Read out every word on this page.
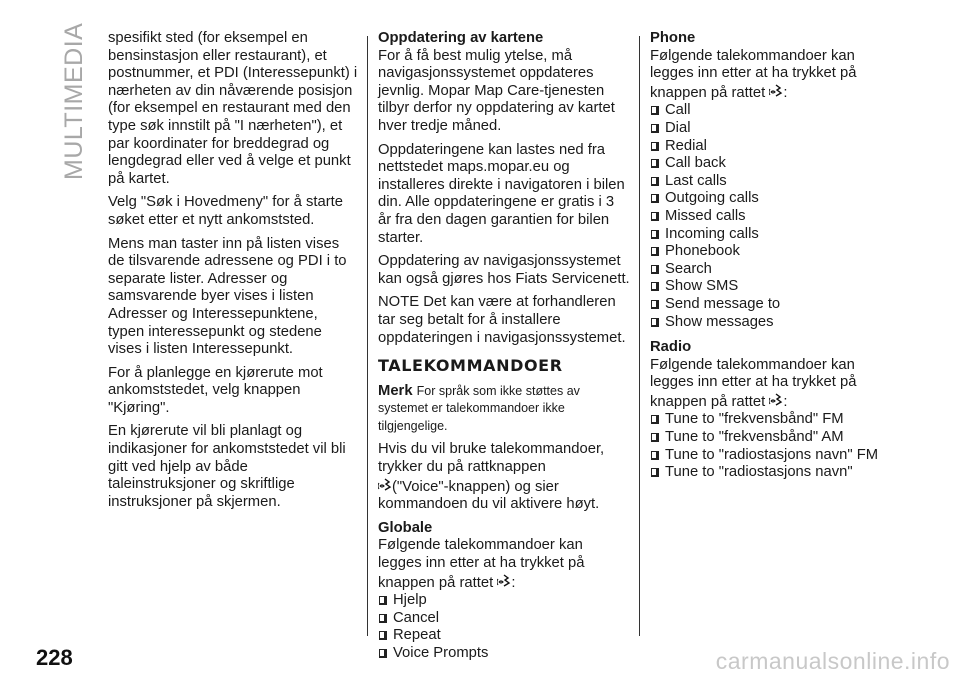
MULTIMEDIA spesifikt sted (for eksempel en bensinstasjon eller restaurant), et postnummer, et PDI (Interessepunkt) i nærheten av din nåværende posisjon (for eksempel en restaurant med den type søk innstilt på "I nærheten"), et par koordinater for breddegrad og lengdegrad eller ved å velge et punkt på kartet.

Velg "Søk i Hovedmeny" for å starte søket etter et nytt ankomststed.

Mens man taster inn på listen vises de tilsvarende adressene og PDI i to separate lister. Adresser og samsvarende byer vises i listen Adresser og Interessepunktene, typen interessepunkt og stedene vises i listen Interessepunkt.

For å planlegge en kjørerute mot ankomststedet, velg knappen "Kjøring".

En kjørerute vil bli planlagt og indikasjoner for ankomststedet vil bli gitt ved hjelp av både taleinstruksjoner og skriftlige instruksjoner på skjermen.

Oppdatering av kartene

For å få best mulig ytelse, må navigasjonssystemet oppdateres jevnlig. Mopar Map Care-tjenesten tilbyr derfor ny oppdatering av kartet hver tredje måned.

Oppdateringene kan lastes ned fra nettstedet maps.mopar.eu og installeres direkte i navigatoren i bilen din. Alle oppdateringene er gratis i 3 år fra den dagen garantien for bilen starter.

Oppdatering av navigasjonssystemet kan også gjøres hos Fiats Servicenett.

NOTE Det kan være at forhandleren tar seg betalt for å installere oppdateringen i navigasjonssystemet.

TALEKOMMANDOER

Merk For språk som ikke støttes av systemet er talekommandoer ikke tilgjengelige.

Hvis du vil bruke talekommandoer, trykker du på rattknappen
("Voice"-knappen) og sier kommandoen du vil aktivere høyt.

Globale

Følgende talekommandoer kan legges inn etter at ha trykket på knappen på rattet :

Hjelp
Cancel
Repeat
Voice Prompts
Phone

Følgende talekommandoer kan legges inn etter at ha trykket på knappen på rattet :

Call
Dial
Redial
Call back
Last calls
Outgoing calls
Missed calls
Incoming calls
Phonebook
Search
Show SMS
Send message to
Show messages
Radio

Følgende talekommandoer kan legges inn etter at ha trykket på knappen på rattet :

Tune to "frekvensbånd" FM
Tune to "frekvensbånd" AM
Tune to "radiostasjons navn" FM
Tune to "radiostasjons navn"
228	carmanualsonline.info
